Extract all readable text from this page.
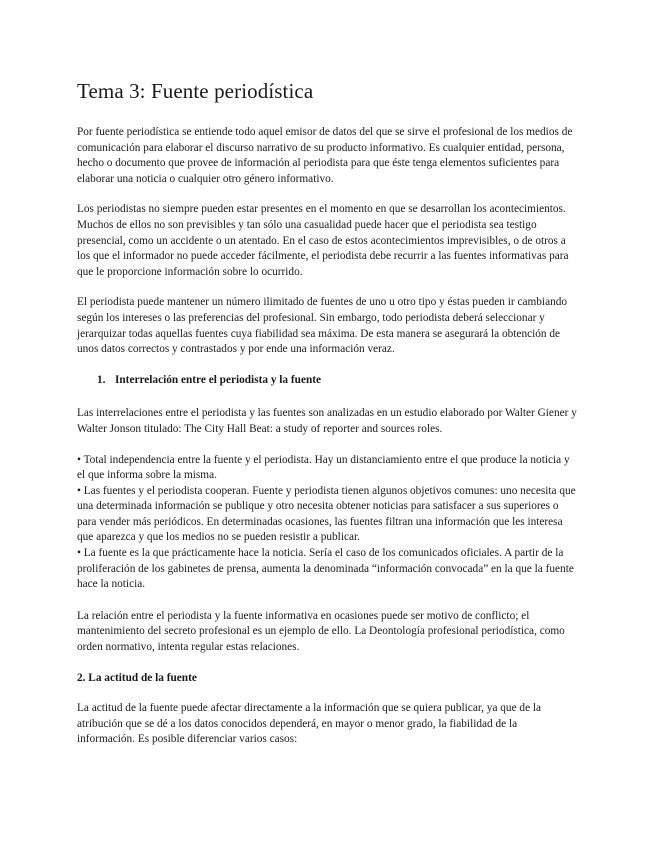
Tema 3: Fuente periodística

Por fuente periodística se entiende todo aquel emisor de datos del que se sirve el profesional de los medios de comunicación para elaborar el discurso narrativo de su producto informativo. Es cualquier entidad, persona, hecho o documento que provee de información al periodista para que éste tenga elementos suficientes para elaborar una noticia o cualquier otro género informativo.

Los periodistas no siempre pueden estar presentes en el momento en que se desarrollan los acontecimientos. Muchos de ellos no son previsibles y tan sólo una casualidad puede hacer que el periodista sea testigo presencial, como un accidente o un atentado. En el caso de estos acontecimientos imprevisibles, o de otros a los que el informador no puede acceder fácilmente, el periodista debe recurrir a las fuentes informativas para que le proporcione información sobre lo ocurrido.

El periodista puede mantener un número ilimitado de fuentes de uno u otro tipo y éstas pueden ir cambiando según los intereses o las preferencias del profesional. Sin embargo, todo periodista deberá seleccionar y jerarquizar todas aquellas fuentes cuya fiabilidad sea máxima. De esta manera se asegurará la obtención de unos datos correctos y contrastados y por ende una información veraz.

1. Interrelación entre el periodista y la fuente

Las interrelaciones entre el periodista y las fuentes son analizadas en un estudio elaborado por Walter Giener y Walter Jonson titulado: The City Hall Beat: a study of reporter and sources roles.

• Total independencia entre la fuente y el periodista. Hay un distanciamiento entre el que produce la noticia y el que informa sobre la misma.

• Las fuentes y el periodista cooperan. Fuente y periodista tienen algunos objetivos comunes: uno necesita que una determinada información se publique y otro necesita obtener noticias para satisfacer a sus superiores o para vender más periódicos. En determinadas ocasiones, las fuentes filtran una información que les interesa que aparezca y que los medios no se pueden resistir a publicar.

• La fuente es la que prácticamente hace la noticia. Sería el caso de los comunicados oficiales. A partir de la proliferación de los gabinetes de prensa, aumenta la denominada “información convocada” en la que la fuente hace la noticia.

La relación entre el periodista y la fuente informativa en ocasiones puede ser motivo de conflicto; el mantenimiento del secreto profesional es un ejemplo de ello. La Deontología profesional periodística, como orden normativo, intenta regular estas relaciones.

2. La actitud de la fuente

La actitud de la fuente puede afectar directamente a la información que se quiera publicar, ya que de la atribución que se dé a los datos conocidos dependerá, en mayor o menor grado, la fiabilidad de la información. Es posible diferenciar varios casos:
